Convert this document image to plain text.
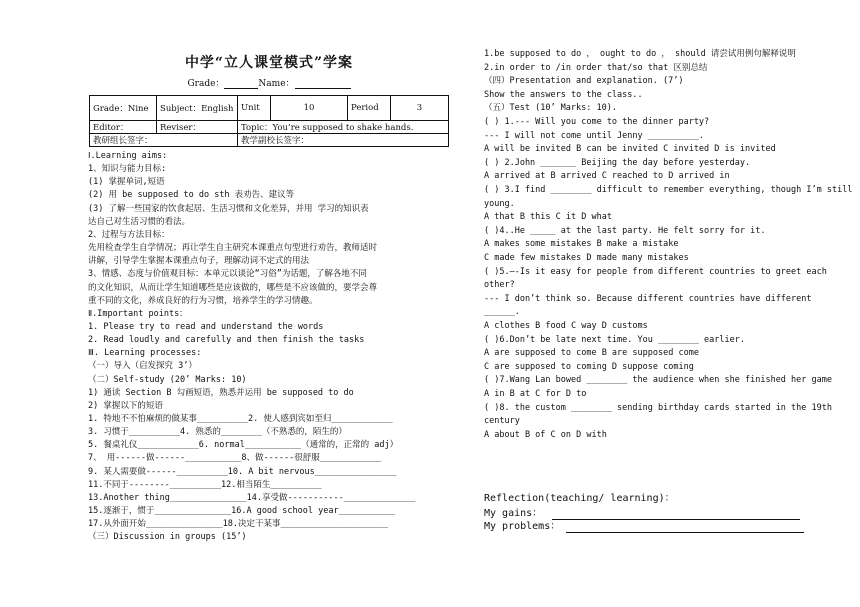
中学“立人课堂模式”学案
Grade：	Name：
Grade：Nine	Subject：English	Unit	10	Period	3
Editor：	Reviser：	Topic：You’re supposed to shake hands.			
教研组长签字：		教学副校长签字：			
Ⅰ.Learning aims:
1、知识与能力目标:
(1) 掌握单词,短语
(2) 用 be supposed to do sth 表劝告、建议等
(3) 了解一些国家的饮食起居、生活习惯和文化差异，并用 学习的知识表
达自己对生活习惯的看法。
2、过程与方法目标：
先用检查学生自学情况；再让学生自主研究本课重点句型进行劝告，教师适时
讲解，引导学生掌握本课重点句子，理解动词不定式的用法
3、情感、态度与价值观目标：本单元以谈论“习俗”为话题，了解各地不同
的文化知识，从而让学生知道哪些是应该做的，哪些是不应该做的，要学会尊
重不同的文化，养成良好的行为习惯，培养学生的学习情趣。
Ⅱ.Important points：
1. Please try to read and understand the words
2. Read loudly and carefully and then finish the tasks
Ⅲ. Learning processes:
（一）导入（启发探究 3’）
（二）Self-study (20’ Marks: 10)
1) 通读 Section B 勾画短语，熟悉并运用 be supposed to do
2) 掌握以下的短语
1. 特地不不怕麻烦的做某事__________2. 使人感到宾如至归____________
3. 习惯于__________4. 熟悉的________（不熟悉的，陌生的）
5. 餐桌礼仪____________6. normal___________（通常的，正常的 adj）
7、 用------做------___________8、做------很舒服____________
9. 某人需要做------__________10. A bit nervous________________
11.不同于--------__________12.相当陌生__________
13.Another thing_______________14.享受做-----------______________
15.逐渐于，惯于_______________16.A good school year___________
17.从外面开始_______________18.决定干某事_____________________
（三）Discussion in groups (15’)
1.be supposed to do ， ought to do ， should 请尝试用例句解释说明
2.in order to /in order that/so that 区别总结
（四）Presentation and explanation. (7’)
Show the answers to the class..
（五）Test (10’ Marks: 10).
( ) 1.--- Will you come to the dinner party?
--- I will not come until Jenny __________.
A will be invited B can be invited C invited D is invited
( ) 2.John _______ Beijing the day before yesterday.
A arrived at B arrived C reached to D arrived in
( ) 3.I find ________ difficult to remember everything, though I’m still
young.
A that B this C it D what
( )4..He _____ at the last party. He felt sorry for it.
A makes some mistakes B make a mistake
C made few mistakes D made many mistakes
( )5.—-Is it easy for people from different countries to greet each
other?
--- I don’t think so. Because different countries have different
______.
A clothes B food C way D customs
( )6.Don’t be late next time. You ________ earlier.
A are supposed to come B are supposed come
C are supposed to coming D suppose coming
( )7.Wang Lan bowed ________ the audience when she finished her game
A in B at C for D to
( )8. the custom ________ sending birthday cards started in the 19th
century
A about B of C on D with
Reflection(teaching/ learning)：
My gains：
My problems：
